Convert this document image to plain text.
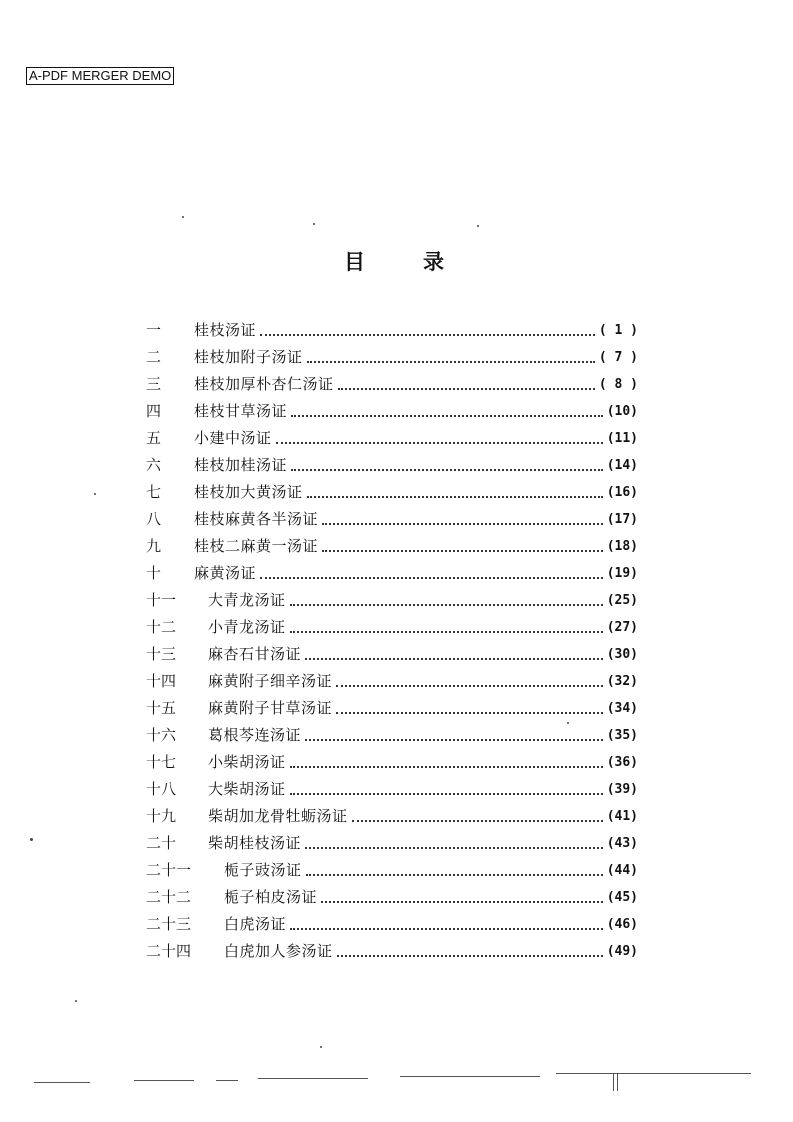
A-PDF MERGER DEMO
目	录
一	桂枝汤证	( 1 )
二	桂枝加附子汤证	( 7 )
三	桂枝加厚朴杏仁汤证	( 8 )
四	桂枝甘草汤证	(10)
五	小建中汤证	(11)
六	桂枝加桂汤证	(14)
七	桂枝加大黄汤证	(16)
八	桂枝麻黄各半汤证	(17)
九	桂枝二麻黄一汤证	(18)
十	麻黄汤证	(19)
十一	大青龙汤证	(25)
十二	小青龙汤证	(27)
十三	麻杏石甘汤证	(30)
十四	麻黄附子细辛汤证	(32)
十五	麻黄附子甘草汤证	(34)
十六	葛根芩连汤证	(35)
十七	小柴胡汤证	(36)
十八	大柴胡汤证	(39)
十九	柴胡加龙骨牡蛎汤证	(41)
二十	柴胡桂枝汤证	(43)
二十一	栀子豉汤证	(44)
二十二	栀子柏皮汤证	(45)
二十三	白虎汤证	(46)
二十四	白虎加人参汤证	(49)
